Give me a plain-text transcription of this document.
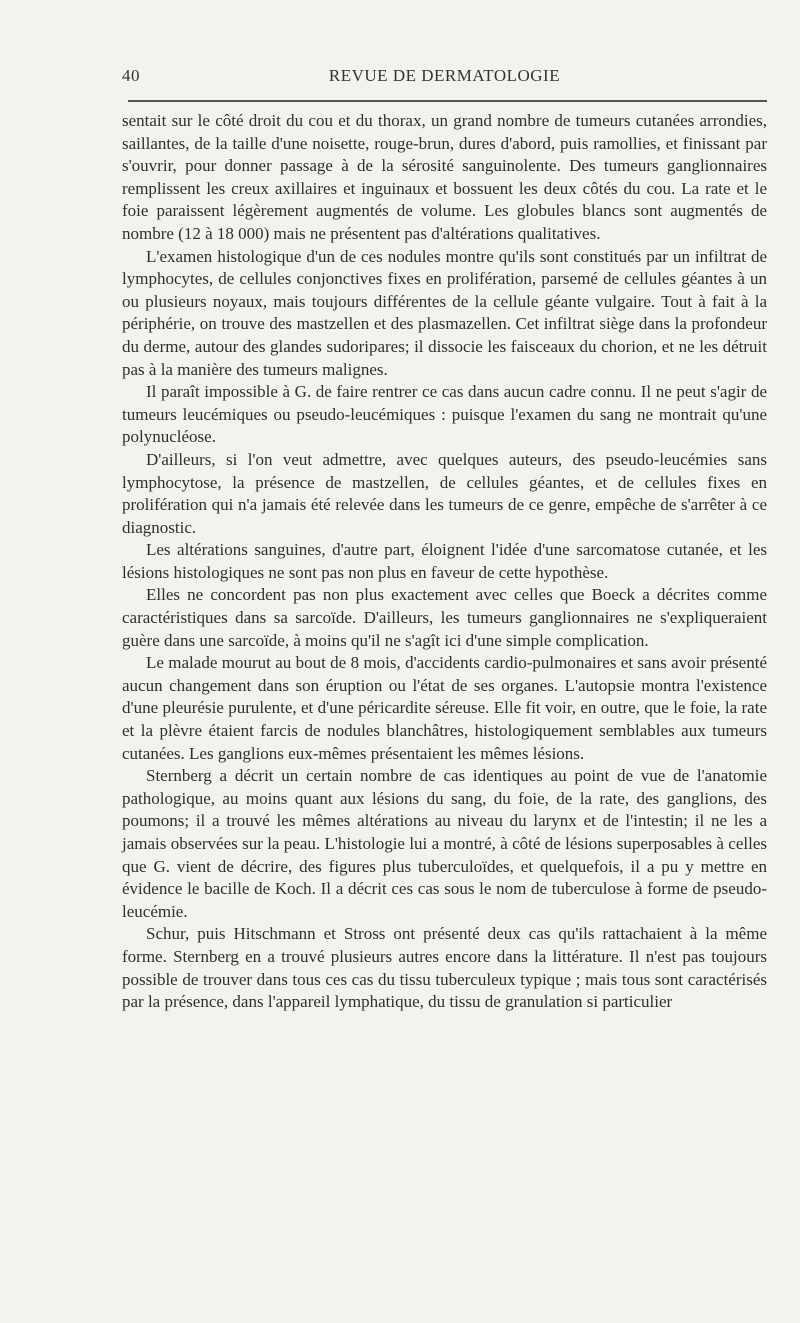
40	REVUE DE DERMATOLOGIE

sentait sur le côté droit du cou et du thorax, un grand nombre de tumeurs cutanées arrondies, saillantes, de la taille d'une noisette, rouge-brun, dures d'abord, puis ramollies, et finissant par s'ouvrir, pour donner passage à de la sérosité sanguinolente. Des tumeurs ganglionnaires remplissent les creux axillaires et inguinaux et bossuent les deux côtés du cou. La rate et le foie paraissent légèrement augmentés de volume. Les globules blancs sont augmentés de nombre (12 à 18 000) mais ne présentent pas d'altérations qualitatives.

L'examen histologique d'un de ces nodules montre qu'ils sont constitués par un infiltrat de lymphocytes, de cellules conjonctives fixes en prolifération, parsemé de cellules géantes à un ou plusieurs noyaux, mais toujours différentes de la cellule géante vulgaire. Tout à fait à la périphérie, on trouve des mastzellen et des plasmazellen. Cet infiltrat siège dans la profondeur du derme, autour des glandes sudoripares; il dissocie les faisceaux du chorion, et ne les détruit pas à la manière des tumeurs malignes.

Il paraît impossible à G. de faire rentrer ce cas dans aucun cadre connu. Il ne peut s'agir de tumeurs leucémiques ou pseudo-leucémiques : puisque l'examen du sang ne montrait qu'une polynucléose.

D'ailleurs, si l'on veut admettre, avec quelques auteurs, des pseudo-leucémies sans lymphocytose, la présence de mastzellen, de cellules géantes, et de cellules fixes en prolifération qui n'a jamais été relevée dans les tumeurs de ce genre, empêche de s'arrêter à ce diagnostic.

Les altérations sanguines, d'autre part, éloignent l'idée d'une sarcomatose cutanée, et les lésions histologiques ne sont pas non plus en faveur de cette hypothèse.

Elles ne concordent pas non plus exactement avec celles que Boeck a décrites comme caractéristiques dans sa sarcoïde. D'ailleurs, les tumeurs ganglionnaires ne s'expliqueraient guère dans une sarcoïde, à moins qu'il ne s'agît ici d'une simple complication.

Le malade mourut au bout de 8 mois, d'accidents cardio-pulmonaires et sans avoir présenté aucun changement dans son éruption ou l'état de ses organes. L'autopsie montra l'existence d'une pleurésie purulente, et d'une péricardite séreuse. Elle fit voir, en outre, que le foie, la rate et la plèvre étaient farcis de nodules blanchâtres, histologiquement semblables aux tumeurs cutanées. Les ganglions eux-mêmes présentaient les mêmes lésions.

Sternberg a décrit un certain nombre de cas identiques au point de vue de l'anatomie pathologique, au moins quant aux lésions du sang, du foie, de la rate, des ganglions, des poumons; il a trouvé les mêmes altérations au niveau du larynx et de l'intestin; il ne les a jamais observées sur la peau. L'histologie lui a montré, à côté de lésions superposables à celles que G. vient de décrire, des figures plus tuberculoïdes, et quelquefois, il a pu y mettre en évidence le bacille de Koch. Il a décrit ces cas sous le nom de tuberculose à forme de pseudo-leucémie.

Schur, puis Hitschmann et Stross ont présenté deux cas qu'ils rattachaient à la même forme. Sternberg en a trouvé plusieurs autres encore dans la littérature. Il n'est pas toujours possible de trouver dans tous ces cas du tissu tuberculeux typique ; mais tous sont caractérisés par la présence, dans l'appareil lymphatique, du tissu de granulation si particulier
